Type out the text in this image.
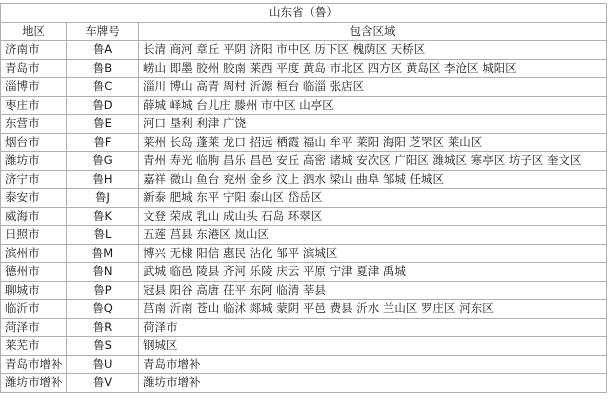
山东省（鲁）		
地区	车牌号	包含区域
济南市	鲁A	长清 商河 章丘 平阴 济阳 市中区 历下区 槐荫区 天桥区
青岛市	鲁B	崂山 即墨 胶州 胶南 莱西 平度 黄岛 市北区 四方区 黄岛区 李沧区 城阳区
淄博市	鲁C	淄川 博山 高青 周村 沂源 桓台 临淄 张店区
枣庄市	鲁D	薛城 峄城 台儿庄 滕州 市中区 山亭区
东营市	鲁E	河口 垦利 利津 广饶
烟台市	鲁F	莱州 长岛 蓬莱 龙口 招远 栖霞 福山 牟平 莱阳 海阳 芝罘区 莱山区
潍坊市	鲁G	青州 寿光 临朐 昌乐 昌邑 安丘 高密 诸城 安次区 广阳区 潍城区 寒亭区 坊子区 奎文区
济宁市	鲁H	嘉祥 微山 鱼台 兖州 金乡 汶上 泗水 梁山 曲阜 邹城 任城区
泰安市	鲁J	新泰 肥城 东平 宁阳 泰山区 岱岳区
威海市	鲁K	文登 荣成 乳山 成山头 石岛 环翠区
日照市	鲁L	五莲 莒县 东港区 岚山区
滨州市	鲁M	博兴 无棣 阳信 惠民 沾化 邹平 滨城区
德州市	鲁N	武城 临邑 陵县 齐河 乐陵 庆云 平原 宁津 夏津 禹城
聊城市	鲁P	冠县 阳谷 高唐 茌平 东阿 临清 莘县
临沂市	鲁Q	莒南 沂南 苍山 临沭 郯城 蒙阴 平邑 费县 沂水 兰山区 罗庄区 河东区
菏泽市	鲁R	荷泽市
莱芜市	鲁S	钢城区
青岛市增补	鲁U	青岛市增补
潍坊市增补	鲁V	潍坊市增补
